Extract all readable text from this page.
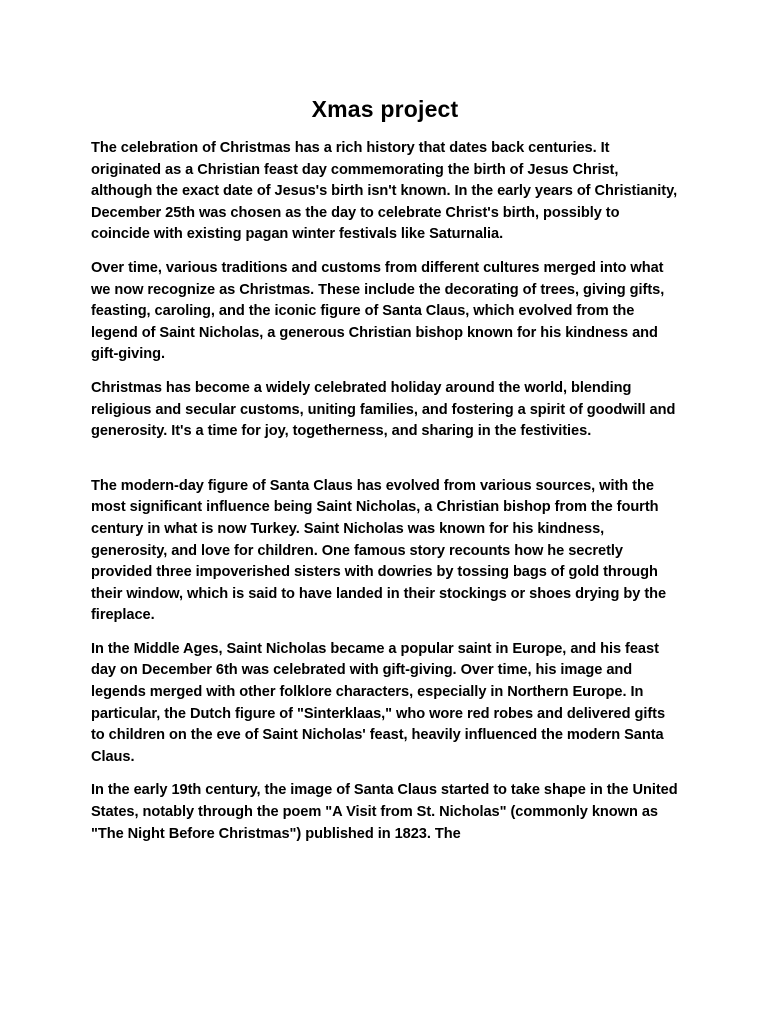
Xmas project

The celebration of Christmas has a rich history that dates back centuries. It originated as a Christian feast day commemorating the birth of Jesus Christ, although the exact date of Jesus's birth isn't known. In the early years of Christianity, December 25th was chosen as the day to celebrate Christ's birth, possibly to coincide with existing pagan winter festivals like Saturnalia.

Over time, various traditions and customs from different cultures merged into what we now recognize as Christmas. These include the decorating of trees, giving gifts, feasting, caroling, and the iconic figure of Santa Claus, which evolved from the legend of Saint Nicholas, a generous Christian bishop known for his kindness and gift-giving.

Christmas has become a widely celebrated holiday around the world, blending religious and secular customs, uniting families, and fostering a spirit of goodwill and generosity. It's a time for joy, togetherness, and sharing in the festivities.

The modern-day figure of Santa Claus has evolved from various sources, with the most significant influence being Saint Nicholas, a Christian bishop from the fourth century in what is now Turkey. Saint Nicholas was known for his kindness, generosity, and love for children. One famous story recounts how he secretly provided three impoverished sisters with dowries by tossing bags of gold through their window, which is said to have landed in their stockings or shoes drying by the fireplace.

In the Middle Ages, Saint Nicholas became a popular saint in Europe, and his feast day on December 6th was celebrated with gift-giving. Over time, his image and legends merged with other folklore characters, especially in Northern Europe. In particular, the Dutch figure of "Sinterklaas," who wore red robes and delivered gifts to children on the eve of Saint Nicholas' feast, heavily influenced the modern Santa Claus.

In the early 19th century, the image of Santa Claus started to take shape in the United States, notably through the poem "A Visit from St. Nicholas" (commonly known as "The Night Before Christmas") published in 1823. The
